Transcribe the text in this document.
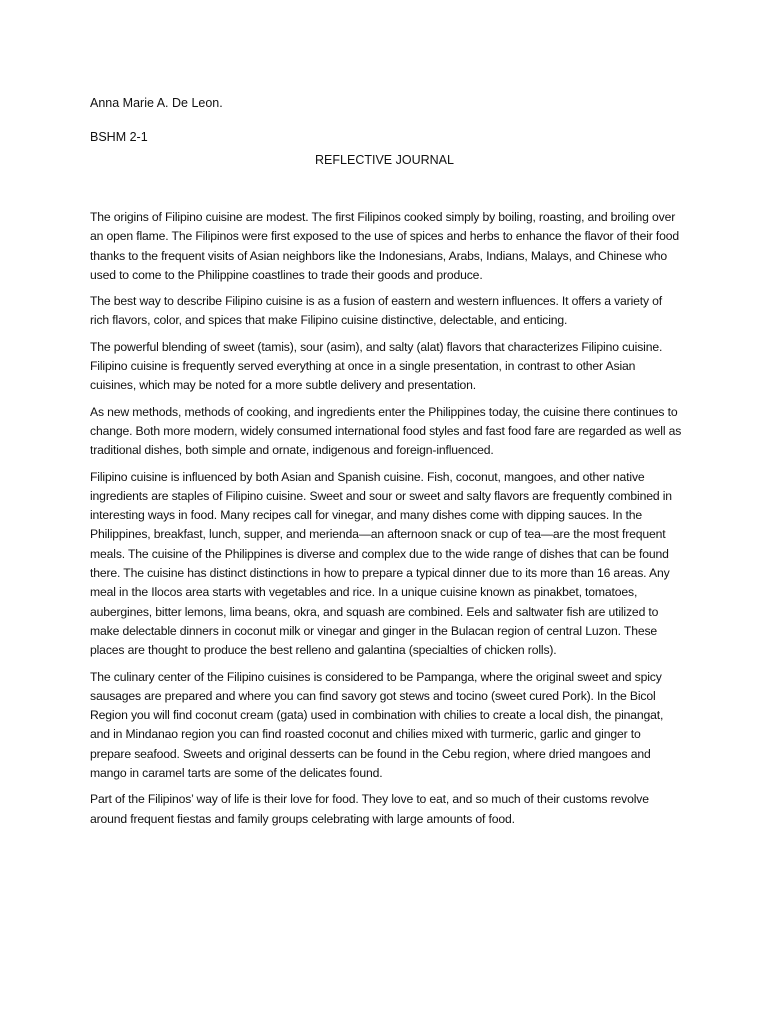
Anna Marie A. De Leon.

BSHM 2-1

REFLECTIVE JOURNAL

The origins of Filipino cuisine are modest. The first Filipinos cooked simply by boiling, roasting, and broiling over an open flame. The Filipinos were first exposed to the use of spices and herbs to enhance the flavor of their food thanks to the frequent visits of Asian neighbors like the Indonesians, Arabs, Indians, Malays, and Chinese who used to come to the Philippine coastlines to trade their goods and produce.

The best way to describe Filipino cuisine is as a fusion of eastern and western influences. It offers a variety of rich flavors, color, and spices that make Filipino cuisine distinctive, delectable, and enticing.

The powerful blending of sweet (tamis), sour (asim), and salty (alat) flavors that characterizes Filipino cuisine. Filipino cuisine is frequently served everything at once in a single presentation, in contrast to other Asian cuisines, which may be noted for a more subtle delivery and presentation.

As new methods, methods of cooking, and ingredients enter the Philippines today, the cuisine there continues to change. Both more modern, widely consumed international food styles and fast food fare are regarded as well as traditional dishes, both simple and ornate, indigenous and foreign-influenced.

Filipino cuisine is influenced by both Asian and Spanish cuisine. Fish, coconut, mangoes, and other native ingredients are staples of Filipino cuisine. Sweet and sour or sweet and salty flavors are frequently combined in interesting ways in food. Many recipes call for vinegar, and many dishes come with dipping sauces. In the Philippines, breakfast, lunch, supper, and merienda—an afternoon snack or cup of tea—are the most frequent meals. The cuisine of the Philippines is diverse and complex due to the wide range of dishes that can be found there. The cuisine has distinct distinctions in how to prepare a typical dinner due to its more than 16 areas. Any meal in the Ilocos area starts with vegetables and rice. In a unique cuisine known as pinakbet, tomatoes, aubergines, bitter lemons, lima beans, okra, and squash are combined. Eels and saltwater fish are utilized to make delectable dinners in coconut milk or vinegar and ginger in the Bulacan region of central Luzon. These places are thought to produce the best relleno and galantina (specialties of chicken rolls).

The culinary center of the Filipino cuisines is considered to be Pampanga, where the original sweet and spicy sausages are prepared and where you can find savory got stews and tocino (sweet cured Pork). In the Bicol Region you will find coconut cream (gata) used in combination with chilies to create a local dish, the pinangat, and in Mindanao region you can find roasted coconut and chilies mixed with turmeric, garlic and ginger to prepare seafood. Sweets and original desserts can be found in the Cebu region, where dried mangoes and mango in caramel tarts are some of the delicates found.

Part of the Filipinos’ way of life is their love for food. They love to eat, and so much of their customs revolve around frequent fiestas and family groups celebrating with large amounts of food.
